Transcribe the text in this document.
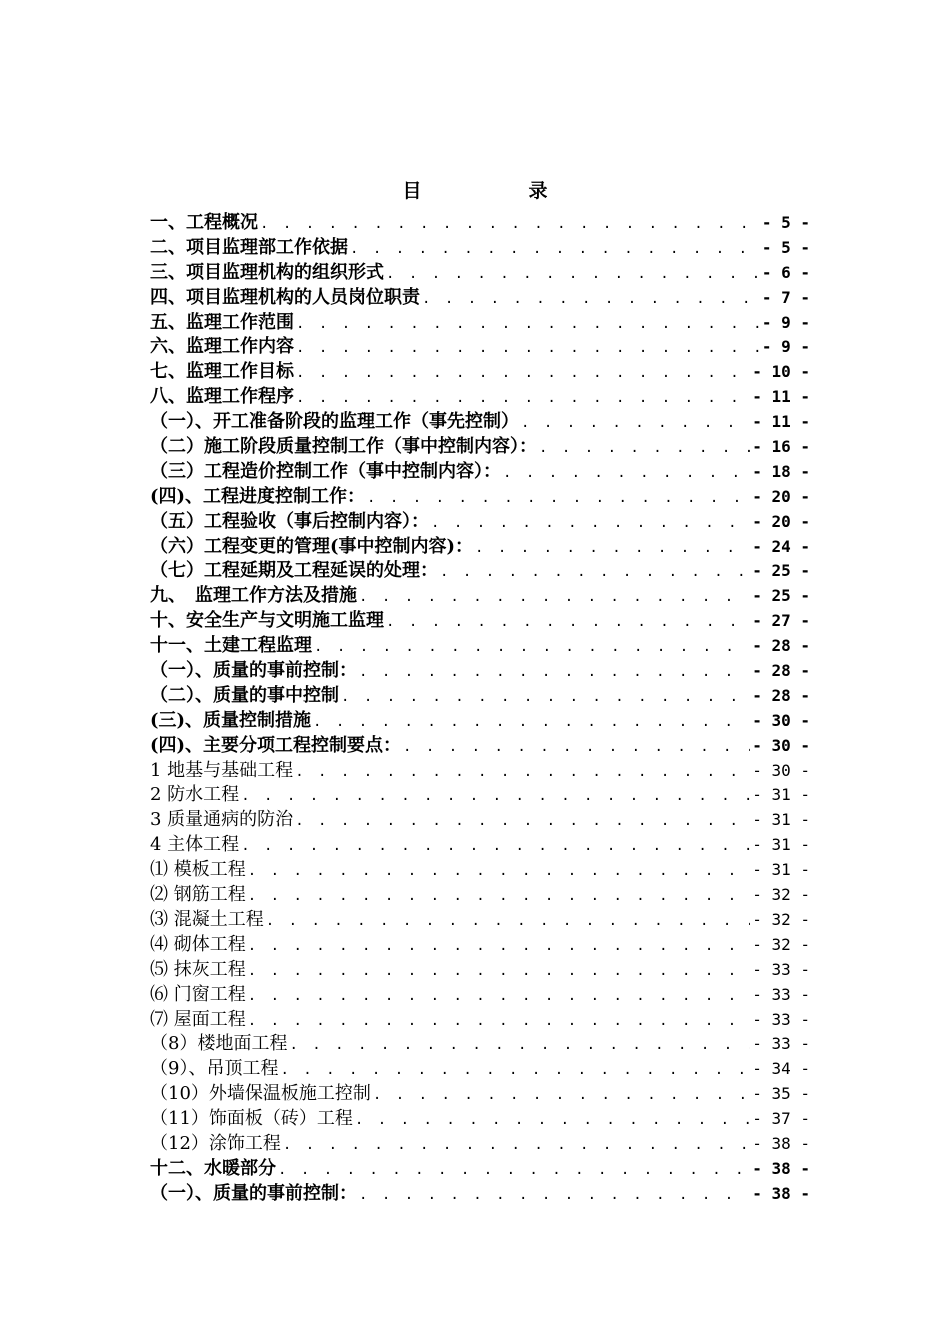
目　录
一、工程概况 . . .	- 5 -
二、项目监理部工作依据 . . .	- 5 -
三、项目监理机构的组织形式 . . .	- 6 -
四、项目监理机构的人员岗位职责 . . .	- 7 -
五、监理工作范围 . . .	- 9 -
六、监理工作内容 . . .	- 9 -
七、监理工作目标 . . .	- 10 -
八、监理工作程序 . . .	- 11 -
（一）、开工准备阶段的监理工作（事先控制） . . .	- 11 -
（二）施工阶段质量控制工作（事中控制内容）： . . .	- 16 -
（三）工程造价控制工作（事中控制内容）： . . .	- 18 -
(四)、工程进度控制工作： . . .	- 20 -
（五）工程验收（事后控制内容）： . . .	- 20 -
（六）工程变更的管理(事中控制内容)： . . .	- 24 -
（七）工程延期及工程延误的处理： . . .	- 25 -
九、　监理工作方法及措施 . . .	- 25 -
十、安全生产与文明施工监理 . . .	- 27 -
十一、土建工程监理 . . .	- 28 -
（一）、质量的事前控制： . . .	- 28 -
（二）、质量的事中控制 . . .	- 28 -
(三)、质量控制措施 . . .	- 30 -
(四)、主要分项工程控制要点： . . .	- 30 -
1 地基与基础工程 . . .	- 30 -
2 防水工程 . . .	- 31 -
3 质量通病的防治 . . .	- 31 -
4 主体工程 . . .	- 31 -
⑴ 模板工程 . . .	- 31 -
⑵ 钢筋工程 . . .	- 32 -
⑶ 混凝土工程 . . .	- 32 -
⑷ 砌体工程 . . .	- 32 -
⑸ 抹灰工程 . . .	- 33 -
⑹ 门窗工程 . . .	- 33 -
⑺ 屋面工程 . . .	- 33 -
（8）楼地面工程 . . .	- 33 -
（9）、吊顶工程 . . .	- 34 -
（10）外墙保温板施工控制 . . .	- 35 -
（11）饰面板（砖）工程 . . .	- 37 -
（12）涂饰工程 . . .	- 38 -
十二、水暖部分 . . .	- 38 -
（一）、质量的事前控制： . . .	- 38 -
